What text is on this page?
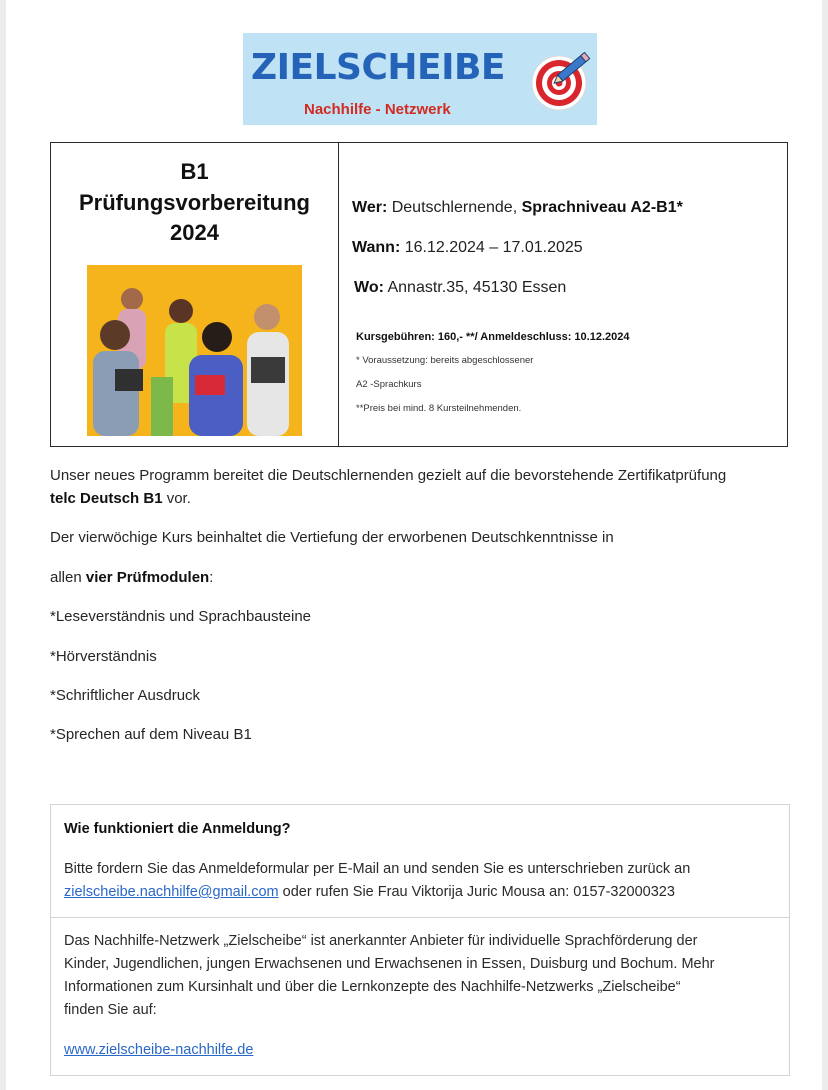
ZIELSCHEIBE
Nachhilfe - Netzwerk
B1
Prüfungsvorbereitung
2024
Wer: Deutschlernende, Sprachniveau A2-B1*
Wann: 16.12.2024 – 17.01.2025
Wo: Annastr.35, 45130 Essen
Kursgebühren: 160,- **/ Anmeldeschluss: 10.12.2024
* Voraussetzung: bereits abgeschlossener
A2 -Sprachkurs
**Preis bei mind. 8 Kursteilnehmenden.
Unser neues Programm bereitet die Deutschlernenden gezielt auf die bevorstehende Zertifikatprüfung
telc Deutsch B1 vor.
Der vierwöchige Kurs beinhaltet die Vertiefung der erworbenen Deutschkenntnisse in
allen vier Prüfmodulen:
*Leseverständnis und Sprachbausteine
*Hörverständnis
*Schriftlicher Ausdruck
*Sprechen auf dem Niveau B1
Wie funktioniert die Anmeldung?
Bitte fordern Sie das Anmeldeformular per E-Mail an und senden Sie es unterschrieben zurück an
zielscheibe.nachhilfe@gmail.com oder rufen Sie Frau Viktorija Juric Mousa an: 0157-32000323
Das Nachhilfe-Netzwerk „Zielscheibe“ ist anerkannter Anbieter für individuelle Sprachförderung der
Kinder, Jugendlichen, jungen Erwachsenen und Erwachsenen in Essen, Duisburg und Bochum. Mehr
Informationen zum Kursinhalt und über die Lernkonzepte des Nachhilfe-Netzwerks „Zielscheibe“
finden Sie auf:
www.zielscheibe-nachhilfe.de
